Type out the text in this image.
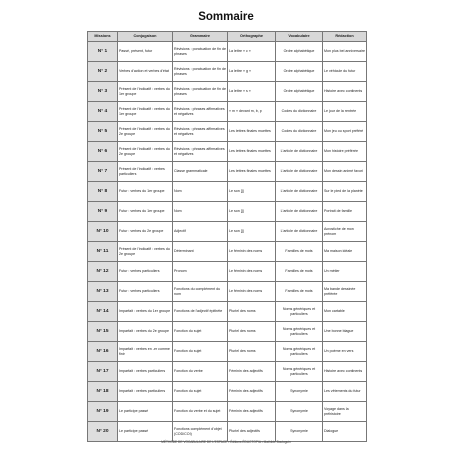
Sommaire
Missions	Conjugaison	Grammaire	Orthographe	Vocabulaire	Rédaction
N° 1	Passé, présent, futur	Révisions : ponctuation de fin de phrases	La lettre « c »	Ordre alphabétique	Mon plus bel anniversaire
N° 2	Verbes d'action et verbes d'état	Révisions : ponctuation de fin de phrases	La lettre « g »	Ordre alphabétique	Le véhicule du futur
N° 3	Présent de l'indicatif : verbes du 1er groupe	Révisions : ponctuation de fin de phrases	La lettre « s »	Ordre alphabétique	Histoire avec continents
N° 4	Présent de l'indicatif : verbes du 1er groupe	Révisions : phrases affirmatives et négatives	« m » devant m, b, p	Codes du dictionnaire	Le jour de la rentrée
N° 5	Présent de l'indicatif : verbes du 2e groupe	Révisions : phrases affirmatives et négatives	Les lettres finales muettes	Codes du dictionnaire	Mon jeu ou sport préféré
N° 6	Présent de l'indicatif : verbes du 2e groupe	Révisions : phrases affirmatives et négatives	Les lettres finales muettes	L'article de dictionnaire	Mon histoire préférée
N° 7	Présent de l'indicatif : verbes particuliers	Classe grammaticale	Les lettres finales muettes	L'article de dictionnaire	Mon dessin animé favori
N° 8	Futur : verbes du 1er groupe	Nom	Le son [j]	L'article de dictionnaire	Sur le pied de la planète
N° 9	Futur : verbes du 1er groupe	Nom	Le son [j]	L'article de dictionnaire	Portrait de famille
N° 10	Futur : verbes du 2e groupe	Adjectif	Le son [j]	L'article de dictionnaire	Acrostiche de mon prénom
N° 11	Présent de l'indicatif : verbes du 2e groupe	Déterminant	Le féminin des noms	Familles de mots	Ma maison idéale
N° 12	Futur : verbes particuliers	Pronom	Le féminin des noms	Familles de mots	Un métier
N° 13	Futur : verbes particuliers	Fonctions du complément du nom	Le féminin des noms	Familles de mots	Ma bande dessinée préférée
N° 14	Imparfait : verbes du 1er groupe	Fonctions de l'adjectif épithète	Pluriel des noms	Noms génériques et particuliers	Mon cartable
N° 15	Imparfait : verbes du 2e groupe	Fonction du sujet	Pluriel des noms	Noms génériques et particuliers	Une bonne blague
N° 16	Imparfait : verbes en -er comme finir	Fonction du sujet	Pluriel des noms	Noms génériques et particuliers	Un poème en vers
N° 17	Imparfait : verbes particuliers	Fonction du verbe	Féminin des adjectifs	Noms génériques et particuliers	Histoire avec continents
N° 18	Imparfait : verbes particuliers	Fonction du sujet	Féminin des adjectifs	Synonymie	Les vêtements du futur
N° 19	Le participe passé	Fonction du verbe et du sujet	Féminin des adjectifs	Synonymie	Voyage dans la préhistoire
N° 20	Le participe passé	Fonctions complément d'objet (COD/COI)	Pluriel des adjectifs	Synonymie	Dialogue
MÉTHODE DE VOCABULAIRE DE L'ESPACE • Éditions ÉDUCTOPIA • Mathilde Bouluguin
